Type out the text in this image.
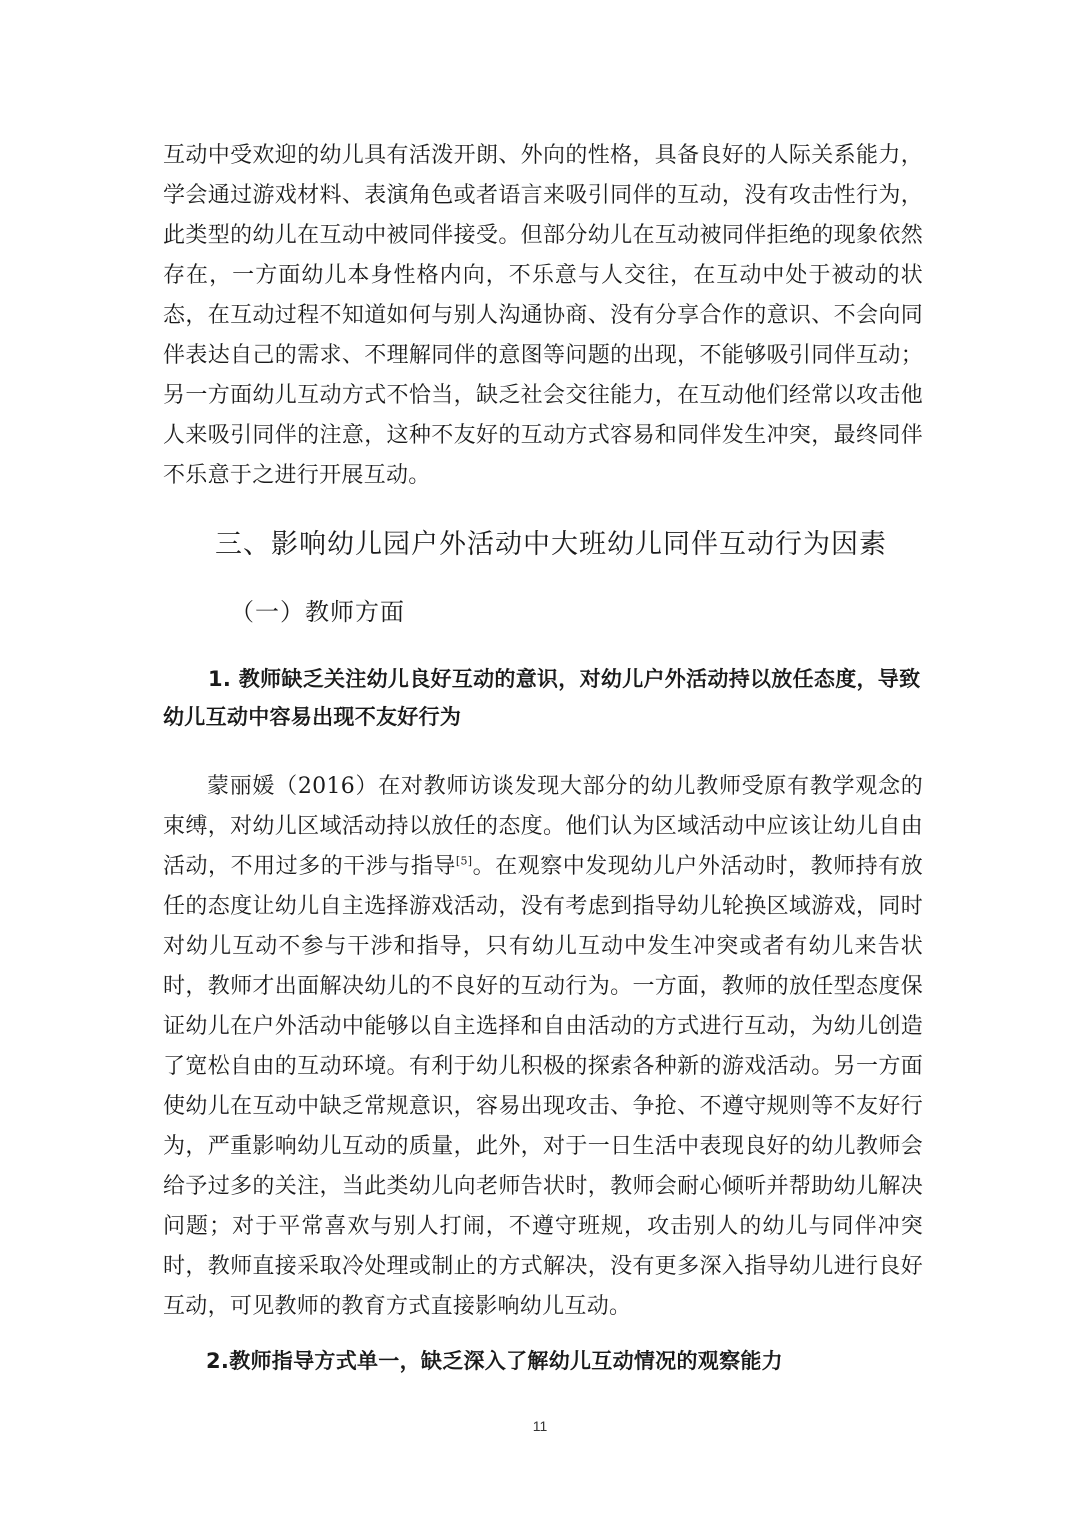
互动中受欢迎的幼儿具有活泼开朗、外向的性格，具备良好的人际关系能力，学会通过游戏材料、表演角色或者语言来吸引同伴的互动，没有攻击性行为，此类型的幼儿在互动中被同伴接受。但部分幼儿在互动被同伴拒绝的现象依然存在，一方面幼儿本身性格内向，不乐意与人交往，在互动中处于被动的状态，在互动过程不知道如何与别人沟通协商、没有分享合作的意识、不会向同伴表达自己的需求、不理解同伴的意图等问题的出现，不能够吸引同伴互动；另一方面幼儿互动方式不恰当，缺乏社会交往能力，在互动他们经常以攻击他人来吸引同伴的注意，这种不友好的互动方式容易和同伴发生冲突，最终同伴不乐意于之进行开展互动。

三、影响幼儿园户外活动中大班幼儿同伴互动行为因素
（一）教师方面
1. 教师缺乏关注幼儿良好互动的意识，对幼儿户外活动持以放任态度，导致幼儿互动中容易出现不友好行为

蒙丽媛（2016）在对教师访谈发现大部分的幼儿教师受原有教学观念的束缚，对幼儿区域活动持以放任的态度。他们认为区域活动中应该让幼儿自由活动，不用过多的干涉与指导[5]。在观察中发现幼儿户外活动时，教师持有放任的态度让幼儿自主选择游戏活动，没有考虑到指导幼儿轮换区域游戏，同时对幼儿互动不参与干涉和指导，只有幼儿互动中发生冲突或者有幼儿来告状时，教师才出面解决幼儿的不良好的互动行为。一方面，教师的放任型态度保证幼儿在户外活动中能够以自主选择和自由活动的方式进行互动，为幼儿创造了宽松自由的互动环境。有利于幼儿积极的探索各种新的游戏活动。另一方面使幼儿在互动中缺乏常规意识，容易出现攻击、争抢、不遵守规则等不友好行为，严重影响幼儿互动的质量，此外，对于一日生活中表现良好的幼儿教师会给予过多的关注，当此类幼儿向老师告状时，教师会耐心倾听并帮助幼儿解决问题；对于平常喜欢与别人打闹，不遵守班规，攻击别人的幼儿与同伴冲突时，教师直接采取冷处理或制止的方式解决，没有更多深入指导幼儿进行良好互动，可见教师的教育方式直接影响幼儿互动。

2.教师指导方式单一，缺乏深入了解幼儿互动情况的观察能力
11
